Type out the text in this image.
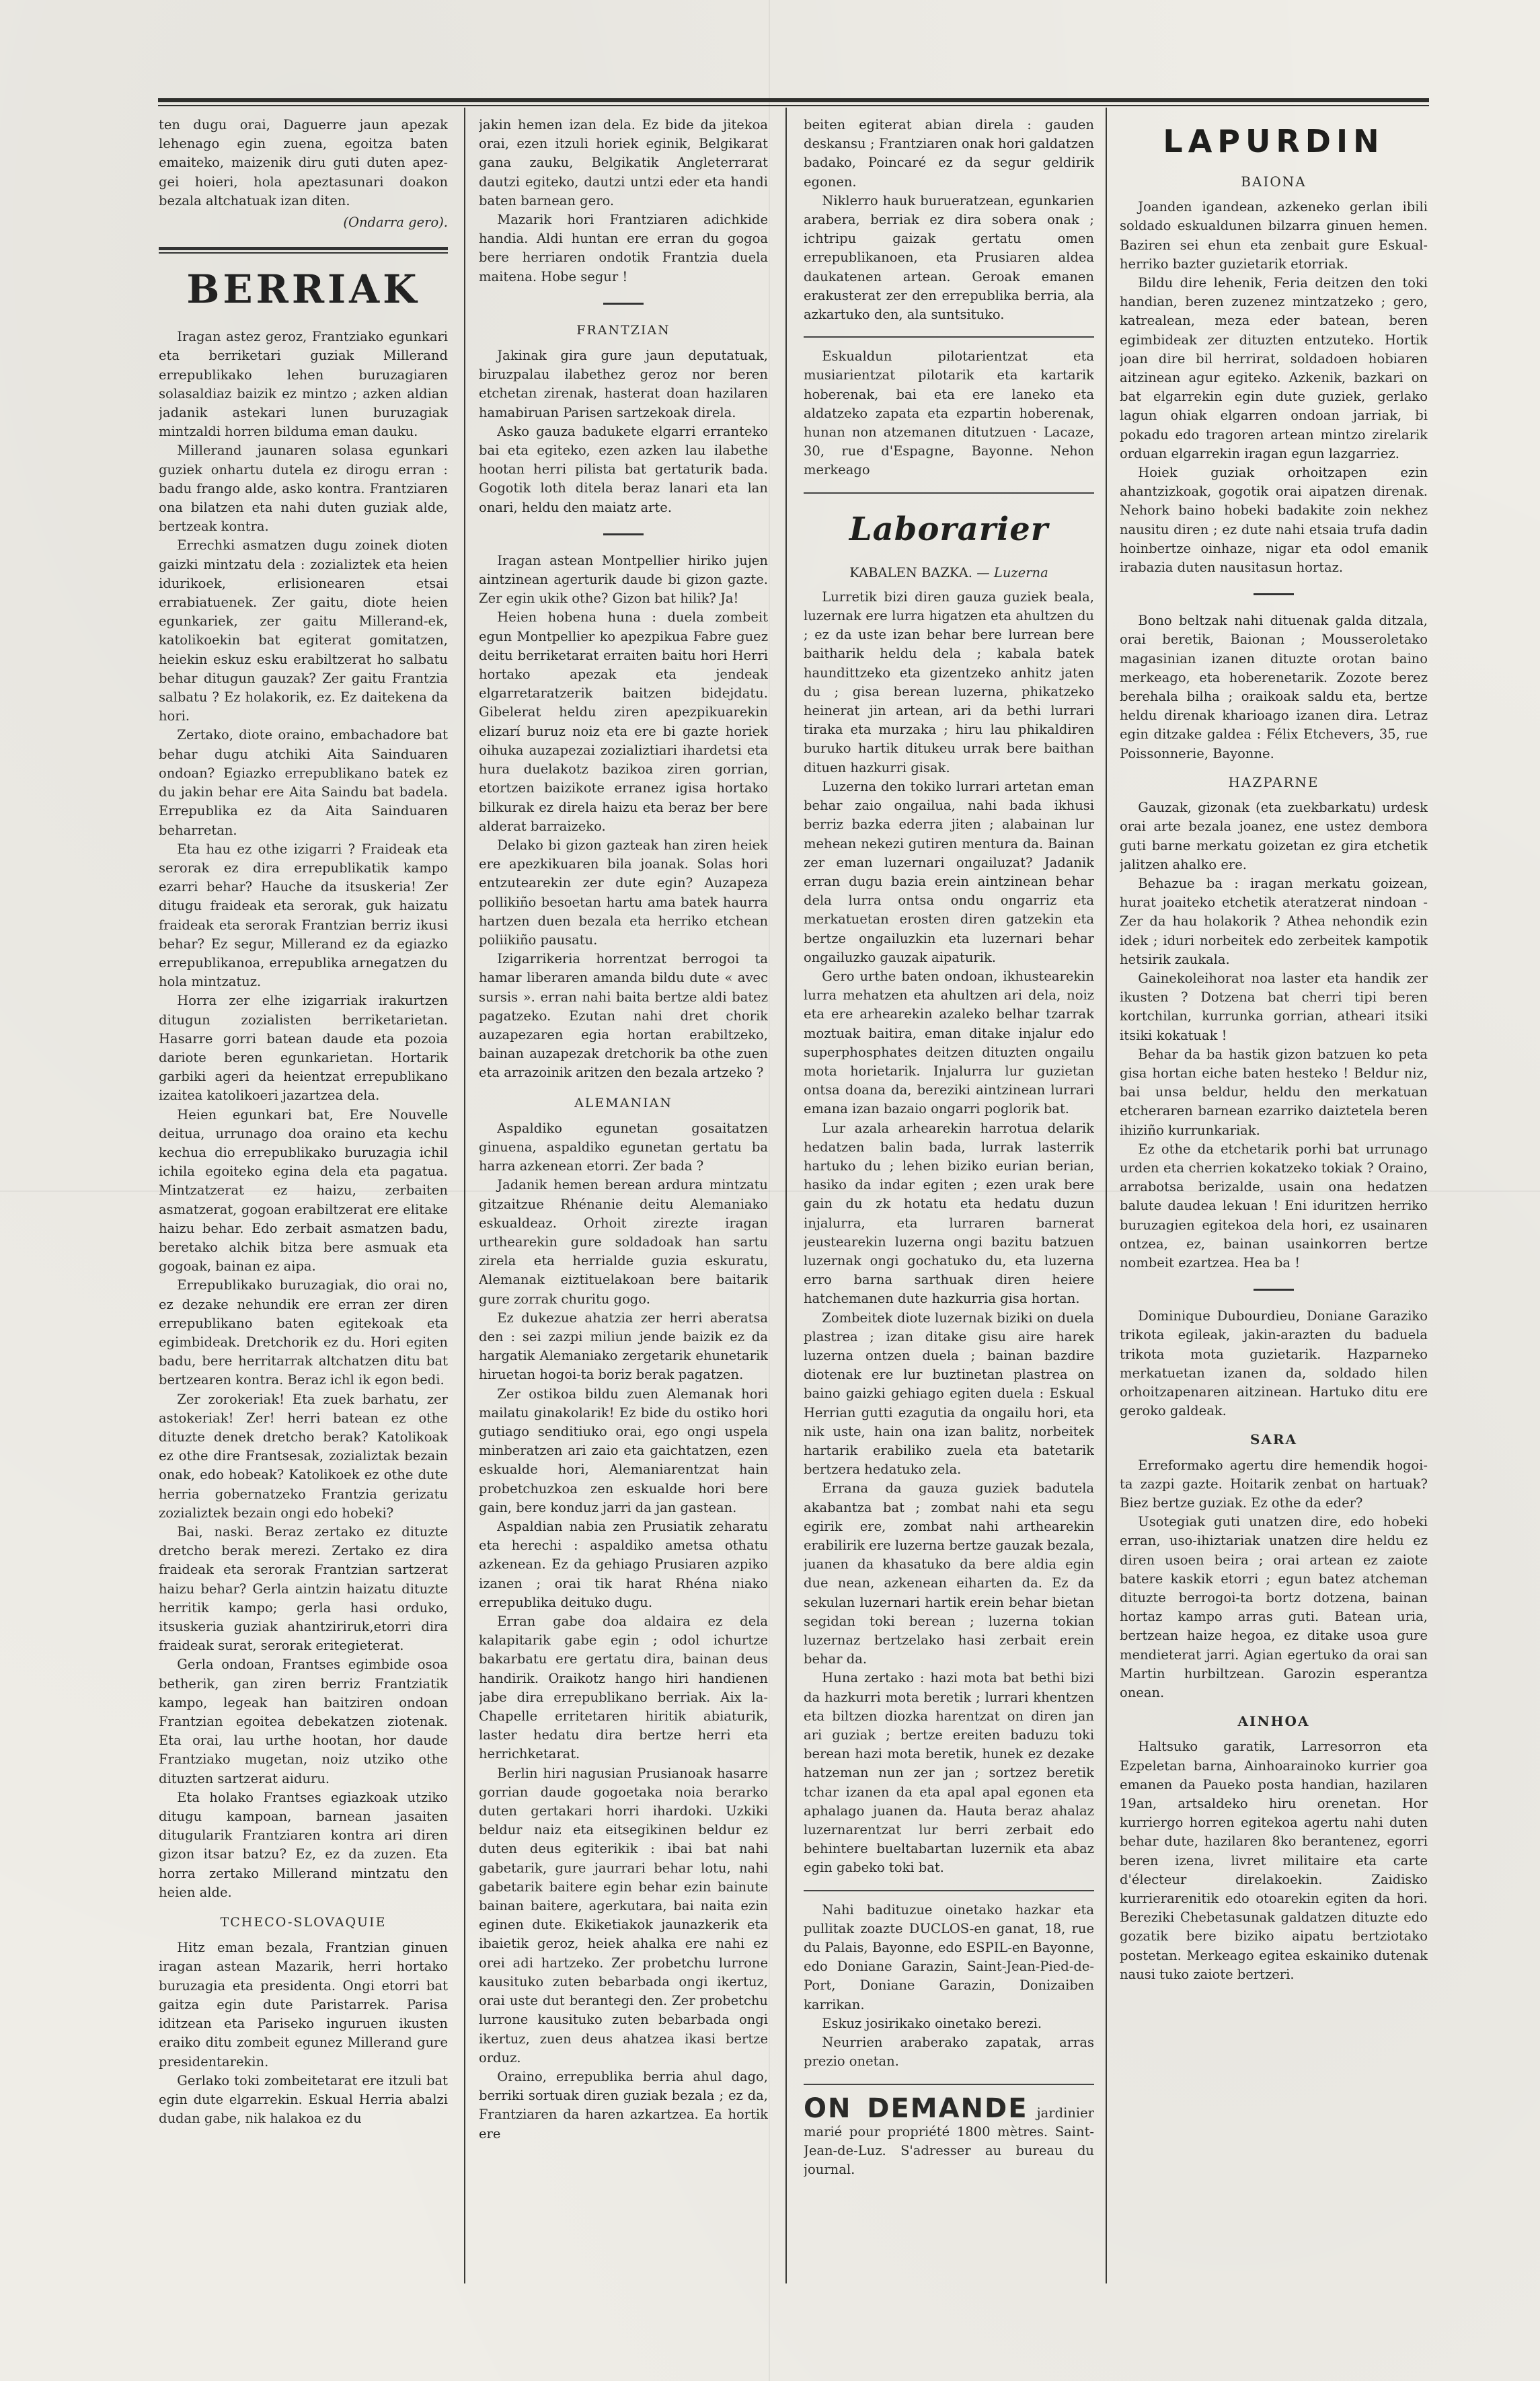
ten dugu orai, Daguerre jaun apezak lehenago egin zuena, egoitza baten emaiteko, maizenik diru guti duten apez-gei hoieri, hola apeztasunari doakon bezala altchatuak izan diten.

(Ondarra gero).
BERRIAK

Iragan astez geroz, Frantziako egunkari eta berriketari guziak Millerand errepublikako lehen buruzagiaren solasaldiaz baizik ez mintzo ; azken aldian jadanik astekari lunen buruzagiak mintzaldi horren bilduma eman dauku.

Millerand jaunaren solasa egunkari guziek onhartu dutela ez dirogu erran : badu frango alde, asko kontra. Frantziaren ona bilatzen eta nahi duten guziak alde, bertzeak kontra.

Errechki asmatzen dugu zoinek dioten gaizki mintzatu dela : zozializtek eta heien idurikoek, erlisionearen etsai errabiatuenek. Zer gaitu, diote heien egunkariek, zer gaitu Millerand-ek, katolikoekin bat egiterat gomitatzen, heiekin eskuz esku erabiltzerat ho salbatu behar ditugun gauzak? Zer gaitu Frantzia salbatu ? Ez holakorik, ez. Ez daitekena da hori.

Zertako, diote oraino, embachadore bat behar dugu atchiki Aita Sainduaren ondoan? Egiazko errepublikano batek ez du jakin behar ere Aita Saindu bat badela. Errepublika ez da Aita Sainduaren beharretan.

Eta hau ez othe izigarri ? Fraideak eta serorak ez dira errepublikatik kampo ezarri behar? Hauche da itsuskeria! Zer ditugu fraideak eta serorak, guk haizatu fraideak eta serorak Frantzian berriz ikusi behar? Ez segur, Millerand ez da egiazko errepublikanoa, errepublika arnegatzen du hola mintzatuz.

Horra zer elhe izigarriak irakurtzen ditugun zozialisten berriketarietan. Hasarre gorri batean daude eta pozoia dariote beren egunkarietan. Hortarik garbiki ageri da heientzat errepublikano izaitea katolikoeri jazartzea dela.

Heien egunkari bat, Ere Nouvelle deitua, urrunago doa oraino eta kechu kechua dio errepublikako buruzagia ichil ichila egoiteko egina dela eta pagatua. Mintzatzerat ez haizu, zerbaiten asmatzerat, gogoan erabiltzerat ere elitake haizu behar. Edo zerbait asmatzen badu, beretako alchik bitza bere asmuak eta gogoak, bainan ez aipa.

Errepublikako buruzagiak, dio orai no, ez dezake nehundik ere erran zer diren errepublikano baten egitekoak eta egimbideak. Dretchorik ez du. Hori egiten badu, bere herritarrak altchatzen ditu bat bertzearen kontra. Beraz ichl ik egon bedi.

Zer zorokeriak! Eta zuek barhatu, zer astokeriak! Zer! herri batean ez othe dituzte denek dretcho berak? Katolikoak ez othe dire Frantsesak, zozializtak bezain onak, edo hobeak? Katolikoek ez othe dute herria gobernatzeko Frantzia gerizatu zozializtek bezain ongi edo hobeki?

Bai, naski. Beraz zertako ez dituzte dretcho berak merezi. Zertako ez dira fraideak eta serorak Frantzian sartzerat haizu behar? Gerla aintzin haizatu dituzte herritik kampo; gerla hasi orduko, itsuskeria guziak ahantziriruk,etorri dira fraideak surat, serorak eritegieterat.

Gerla ondoan, Frantses egimbide osoa betherik, gan ziren berriz Frantziatik kampo, legeak han baitziren ondoan Frantzian egoitea debekatzen ziotenak. Eta orai, lau urthe hootan, hor daude Frantziako mugetan, noiz utziko othe dituzten sartzerat aiduru.

Eta holako Frantses egiazkoak utziko ditugu kampoan, barnean jasaiten ditugularik Frantziaren kontra ari diren gizon itsar batzu? Ez, ez da zuzen. Eta horra zertako Millerand mintzatu den heien alde.

TCHECO-SLOVAQUIE

Hitz eman bezala, Frantzian ginuen iragan astean Mazarik, herri hortako buruzagia eta presidenta. Ongi etorri bat gaitza egin dute Paristarrek. Parisa iditzean eta Pariseko inguruen ikusten eraiko ditu zombeit egunez Millerand gure presidentarekin.

Gerlako toki zombeitetarat ere itzuli bat egin dute elgarrekin. Eskual Herria abalzi dudan gabe, nik halakoa ez du

jakin hemen izan dela. Ez bide da jitekoa orai, ezen itzuli horiek eginik, Belgikarat gana zauku, Belgikatik Angleterrarat dautzi egiteko, dautzi untzi eder eta handi baten barnean gero.

Mazarik hori Frantziaren adichkide handia. Aldi huntan ere erran du gogoa bere herriaren ondotik Frantzia duela maitena. Hobe segur !

FRANTZIAN

Jakinak gira gure jaun deputatuak, biruzpalau ilabethez geroz nor beren etchetan zirenak, hasterat doan hazilaren hamabiruan Parisen sartzekoak direla.

Asko gauza badukete elgarri erranteko bai eta egiteko, ezen azken lau ilabethe hootan herri pilista bat gertaturik bada. Gogotik loth ditela beraz lanari eta lan onari, heldu den maiatz arte.

Iragan astean Montpellier hiriko jujen aintzinean agerturik daude bi gizon gazte. Zer egin ukik othe? Gizon bat hilik? Ja!

Heien hobena huna : duela zombeit egun Montpellier ko apezpikua Fabre guez deitu berriketarat erraiten baitu hori Herri hortako apezak eta jendeak elgarretaratzerik baitzen bidejdatu. Gibelerat heldu ziren apezpikuarekin elizarí buruz noiz eta ere bi gazte horiek oihuka auzapezai zozializtiari ihardetsi eta hura duelakotz bazikoa ziren gorrian, etortzen baizikote erranez igisa hortako bilkurak ez direla haizu eta beraz ber bere alderat barraizeko.

Delako bi gizon gazteak han ziren heiek ere apezkikuaren bila joanak. Solas hori entzutearekin zer dute egin? Auzapeza pollikiño besoetan hartu ama batek haurra hartzen duen bezala eta herriko etchean poliikiño pausatu.

Izigarrikeria horrentzat berrogoi ta hamar liberaren amanda bildu dute « avec sursis ». erran nahi baita bertze aldi batez pagatzeko. Ezutan nahi dret chorik auzapezaren egia hortan erabiltzeko, bainan auzapezak dretchorik ba othe zuen eta arrazoinik aritzen den bezala artzeko ?

ALEMANIAN

Aspaldiko egunetan gosaitatzen ginuena, aspaldiko egunetan gertatu ba harra azkenean etorri. Zer bada ?

Jadanik hemen berean ardura mintzatu gitzaitzue Rhénanie deitu Alemaniako eskualdeaz. Orhoit zirezte iragan urthearekin gure soldadoak han sartu zirela eta herrialde guzia eskuratu, Alemanak eiztituelakoan bere baitarik gure zorrak churitu gogo.

Ez dukezue ahatzia zer herri aberatsa den : sei zazpi miliun jende baizik ez da hargatik Alemaniako zergetarik ehunetarik hiruetan hogoi-ta boriz berak pagatzen.

Zer ostikoa bildu zuen Alemanak hori mailatu ginakolarik! Ez bide du ostiko hori gutiago senditiuko orai, ego ongi uspela minberatzen ari zaio eta gaichtatzen, ezen eskualde hori, Alemaniarentzat hain probetchuzkoa zen eskualde hori bere gain, bere konduz jarri da jan gastean.

Aspaldian nabia zen Prusiatik zeharatu eta herechi : aspaldiko ametsa othatu azkenean. Ez da gehiago Prusiaren azpiko izanen ; orai tik harat Rhéna niako errepublika deituko dugu.

Erran gabe doa aldaira ez dela kalapitarik gabe egin ; odol ichurtze bakarbatu ere gertatu dira, bainan deus handirik. Oraikotz hango hiri handienen jabe dira errepublikano berriak. Aix la-Chapelle erritetaren hiritik abiaturik, laster hedatu dira bertze herri eta herrichketarat.

Berlin hiri nagusian Prusianoak hasarre gorrian daude gogoetaka noia berarko duten gertakari horri ihardoki. Uzkiki beldur naiz eta eitsegikinen beldur ez duten deus egiterikik : ibai bat nahi gabetarik, gure jaurrari behar lotu, nahi gabetarik baitere egin behar ezin bainute bainan baitere, agerkutara, bai naita ezin eginen dute. Ekiketiakok jaunazkerik eta ibaietik geroz, heiek ahalka ere nahi ez orei adi hartzeko. Zer probetchu lurrone kausituko zuten bebarbada ongi ikertuz, orai uste dut berantegi den. Zer probetchu lurrone kausituko zuten bebarbada ongi ikertuz, zuen deus ahatzea ikasi bertze orduz.

Oraino, errepublika berria ahul dago, berriki sortuak diren guziak bezala ; ez da, Frantziaren da haren azkartzea. Ea hortik ere

beiten egiterat abian direla : gauden deskansu ; Frantziaren onak hori galdatzen badako, Poincaré ez da segur geldirik egonen.

Niklerro hauk burueratzean, egunkarien arabera, berriak ez dira sobera onak ; ichtripu gaizak gertatu omen errepublikanoen, eta Prusiaren aldea daukatenen artean. Geroak emanen erakusterat zer den errepublika berria, ala azkartuko den, ala suntsituko.

Eskualdun pilotarientzat eta musiarientzat pilotarik eta kartarik hoberenak, bai eta ere laneko eta aldatzeko zapata eta ezpartin hoberenak, hunan non atzemanen ditutzuen · Lacaze, 30, rue d'Espagne, Bayonne. Nehon merkeago

Laborarier
KABALEN BAZKA. — Luzerna

Lurretik bizi diren gauza guziek beala, luzernak ere lurra higatzen eta ahultzen du ; ez da uste izan behar bere lurrean bere baitharik heldu dela ; kabala batek haundittzeko eta gizentzeko anhitz jaten du ; gisa berean luzerna, phikatzeko heinerat jin artean, ari da bethi lurrari tiraka eta murzaka ; hiru lau phikaldiren buruko hartik ditukeu urrak bere baithan dituen hazkurri gisak.

Luzerna den tokiko lurrari artetan eman behar zaio ongailua, nahi bada ikhusi berriz bazka ederra jiten ; alabainan lur mehean nekezi gutiren mentura da. Bainan zer eman luzernari ongailuzat? Jadanik erran dugu bazia erein aintzinean behar dela lurra ontsa ondu ongarriz eta merkatuetan erosten diren gatzekin eta bertze ongailuzkin eta luzernari behar ongailuzko gauzak aipaturik.

Gero urthe baten ondoan, ikhustearekin lurra mehatzen eta ahultzen ari dela, noiz eta ere arhearekin azaleko belhar tzarrak moztuak baitira, eman ditake injalur edo superphosphates deitzen dituzten ongailu mota horietarik. Injalurra lur guzietan ontsa doana da, bereziki aintzinean lurrari emana izan bazaio ongarri poglorik bat.

Lur azala arhearekin harrotua delarik hedatzen balin bada, lurrak lasterrik hartuko du ; lehen biziko eurian berian, hasiko da indar egiten ; ezen urak bere gain du zk hotatu eta hedatu duzun injalurra, eta lurraren barnerat jeustearekin luzerna ongi bazitu batzuen luzernak ongi gochatuko du, eta luzerna erro barna sarthuak diren heiere hatchemanen dute hazkurria gisa hortan.

Zombeitek diote luzernak biziki on duela plastrea ; izan ditake gisu aire harek luzerna ontzen duela ; bainan bazdire diotenak ere lur buztinetan plastrea on baino gaizki gehiago egiten duela : Eskual Herrian gutti ezagutia da ongailu hori, eta nik uste, hain ona izan balitz, norbeitek hartarik erabiliko zuela eta batetarik bertzera hedatuko zela.

Errana da gauza guziek badutela akabantza bat ; zombat nahi eta segu egirik ere, zombat nahi arthearekin erabilirik ere luzerna bertze gauzak bezala, juanen da khasatuko da bere aldia egin due nean, azkenean eiharten da. Ez da sekulan luzernari hartik erein behar bietan segidan toki berean ; luzerna tokian luzernaz bertzelako hasi zerbait erein behar da.

Huna zertako : hazi mota bat bethi bizi da hazkurri mota beretik ; lurrari khentzen eta biltzen diozka harentzat on diren jan ari guziak ; bertze ereiten baduzu toki berean hazi mota beretik, hunek ez dezake hatzeman nun zer jan ; sortzez beretik tchar izanen da eta apal apal egonen eta aphalago juanen da. Hauta beraz ahalaz luzernarentzat lur berri zerbait edo behintere bueltabartan luzernik eta abaz egin gabeko toki bat.

Nahi badituzue oinetako hazkar eta pullitak zoazte DUCLOS-en ganat, 18, rue du Palais, Bayonne, edo ESPIL-en Bayonne, edo Doniane Garazin, Saint-Jean-Pied-de-Port, Doniane Garazin, Donizaiben karrikan.

Eskuz josirikako oinetako berezi.

Neurrien araberako zapatak, arras prezio onetan.

ON DEMANDE jardinier marié pour propriété 1800 mètres. Saint-Jean-de-Luz. S'adresser au bureau du journal.

LAPURDIN
BAIONA

Joanden igandean, azkeneko gerlan ibili soldado eskualdunen bilzarra ginuen hemen. Baziren sei ehun eta zenbait gure Eskual-herriko bazter guzietarik etorriak.

Bildu dire lehenik, Feria deitzen den toki handian, beren zuzenez mintzatzeko ; gero, katrealean, meza eder batean, beren egimbideak zer dituzten entzuteko. Hortik joan dire bil herrirat, soldadoen hobiaren aitzinean agur egiteko. Azkenik, bazkari on bat elgarrekin egin dute guziek, gerlako lagun ohiak elgarren ondoan jarriak, bi pokadu edo tragoren artean mintzo zirelarik orduan elgarrekin iragan egun lazgarriez.

Hoiek guziak orhoitzapen ezin ahantzizkoak, gogotik orai aipatzen direnak. Nehork baino hobeki badakite zoin nekhez nausitu diren ; ez dute nahi etsaia trufa dadin hoinbertze oinhaze, nigar eta odol emanik irabazia duten nausitasun hortaz.

Bono beltzak nahi dituenak galda ditzala, orai beretik, Baionan ; Mousseroletako magasinian izanen dituzte orotan baino merkeago, eta hoberenetarik. Zozote berez berehala bilha ; oraikoak saldu eta, bertze heldu direnak kharioago izanen dira. Letraz egin ditzake galdea : Félix Etchevers, 35, rue Poissonnerie, Bayonne.

HAZPARNE

Gauzak, gizonak (eta zuekbarkatu) urdesk orai arte bezala joanez, ene ustez dembora guti barne merkatu goizetan ez gira etchetik jalitzen ahalko ere.

Behazue ba : iragan merkatu goizean, hurat joaiteko etchetik ateratzerat nindoan - Zer da hau holakorik ? Athea nehondik ezin idek ; iduri norbeitek edo zerbeitek kampotik hetsirik zaukala.

Gainekoleihorat noa laster eta handik zer ikusten ? Dotzena bat cherri tipi beren kortchilan, kurrunka gorrian, atheari itsiki itsiki kokatuak !

Behar da ba hastik gizon batzuen ko peta gisa hortan eiche baten hesteko ! Beldur niz, bai unsa beldur, heldu den merkatuan etcheraren barnean ezarriko daiztetela beren ihiziño kurrunkariak.

Ez othe da etchetarik porhi bat urrunago urden eta cherrien kokatzeko tokiak ? Oraino, arrabotsa berizalde, usain ona hedatzen balute daudea lekuan ! Eni iduritzen herriko buruzagien egitekoa dela hori, ez usainaren ontzea, ez, bainan usainkorren bertze nombeit ezartzea. Hea ba !

Dominique Dubourdieu, Doniane Garaziko trikota egileak, jakin-arazten du baduela trikota mota guzietarik. Hazparneko merkatuetan izanen da, soldado hilen orhoitzapenaren aitzinean. Hartuko ditu ere geroko galdeak.

SARA

Erreformako agertu dire hemendik hogoi-ta zazpi gazte. Hoitarik zenbat on hartuak? Biez bertze guziak. Ez othe da eder?

Usotegiak guti unatzen dire, edo hobeki erran, uso-ihiztariak unatzen dire heldu ez diren usoen beira ; orai artean ez zaiote batere kaskik etorri ; egun batez atcheman dituzte berrogoi-ta bortz dotzena, bainan hortaz kampo arras guti. Batean uria, bertzean haize hegoa, ez ditake usoa gure mendieterat jarri. Agian egertuko da orai san Martin hurbiltzean. Garozin esperantza onean.

AINHOA

Haltsuko garatik, Larresorron eta Ezpeletan barna, Ainhoarainoko kurrier goa emanen da Paueko posta handian, hazilaren 19an, artsaldeko hiru orenetan. Hor kurriergo horren egitekoa agertu nahi duten behar dute, hazilaren 8ko berantenez, egorri beren izena, livret militaire eta carte d'électeur direlakoekin. Zaidisko kurrierarenitik edo otoarekin egiten da hori. Bereziki Chebetasunak galdatzen dituzte edo gozatik bere biziko aipatu bertziotako postetan. Merkeago egitea eskainiko dutenak nausi tuko zaiote bertzeri.
